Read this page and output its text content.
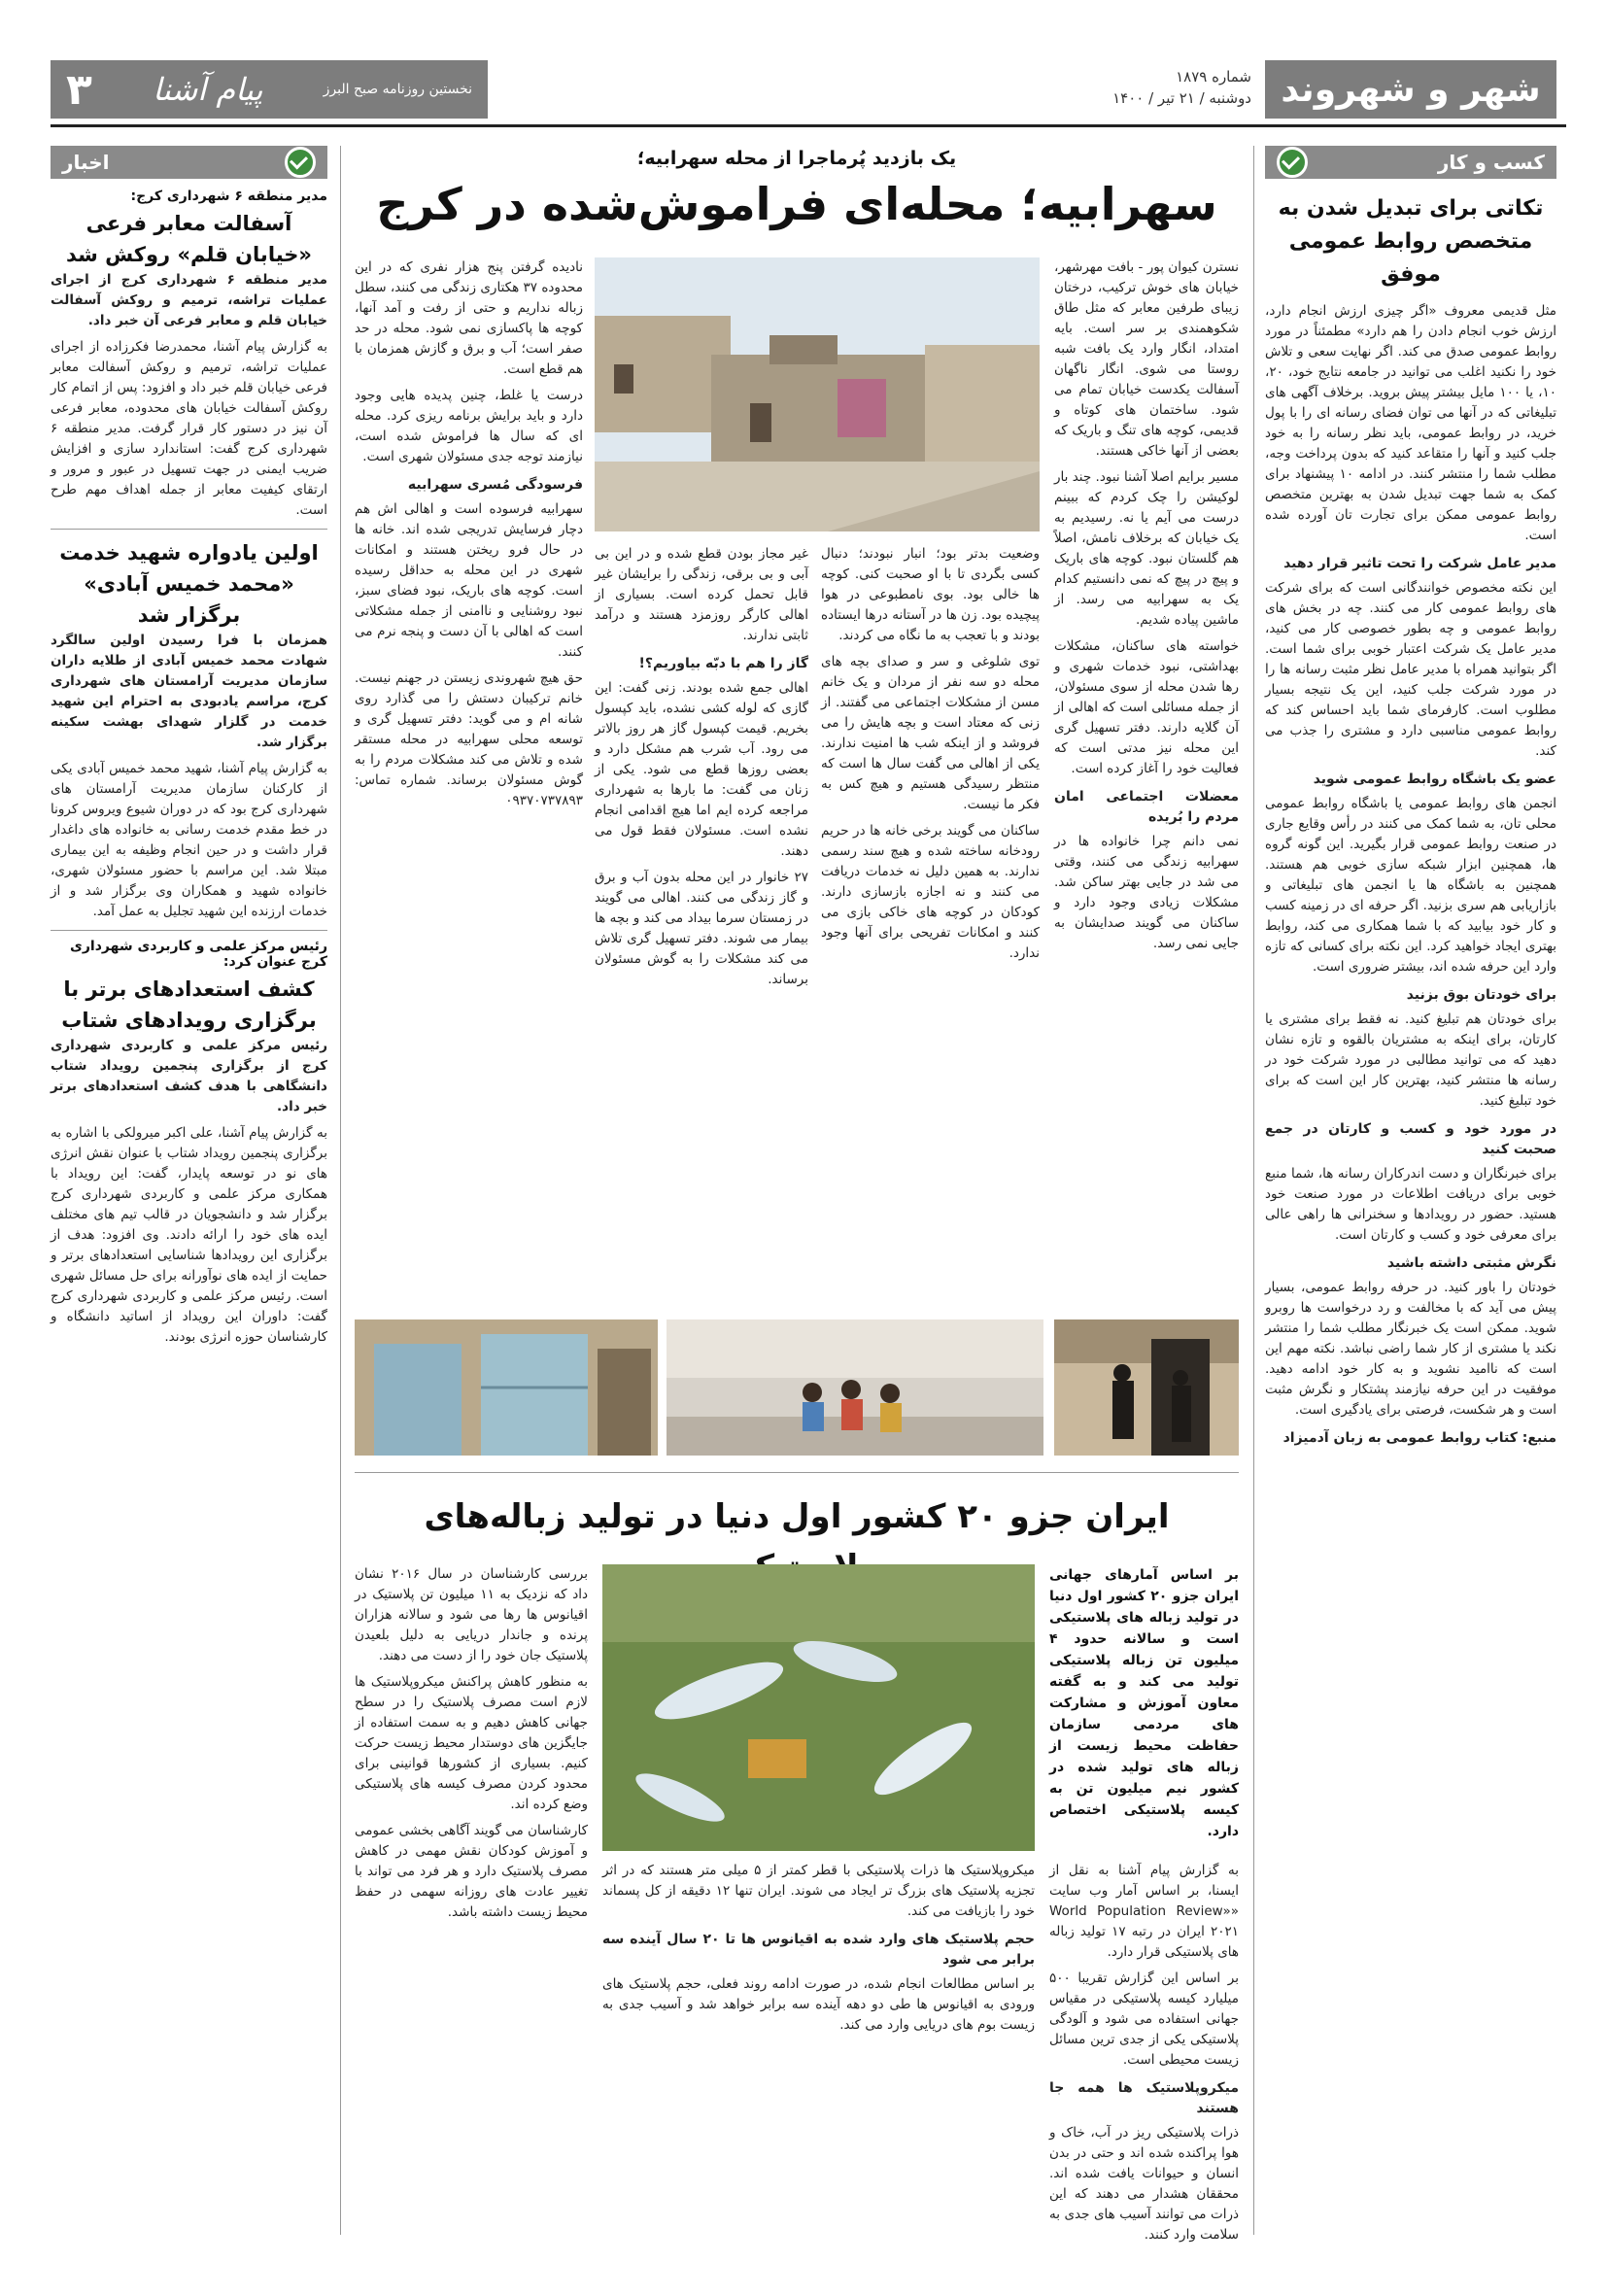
شهر و شهروند
شماره ۱۸۷۹
دوشنبه / ۲۱ تیر / ۱۴۰۰
نخستین روزنامه صبح البرز
پیام آشنا
۳
کسب و کار
تکاتی برای تبدیل شدن به متخصص روابط عمومی موفق

مثل قدیمی معروف «اگر چیزی ارزش انجام دارد، ارزش خوب انجام دادن را هم دارد» مطمئناً در مورد روابط عمومی صدق می کند. اگر نهایت سعی و تلاش خود را نکنید اغلب می توانید در جامعه نتایج خود، ۲۰، ۱۰، یا ۱۰۰ مایل بیشتر پیش بروید. برخلاف آگهی های تبلیغاتی که در آنها می توان فضای رسانه ای را با پول خرید، در روابط عمومی، باید نظر رسانه را به خود جلب کنید و آنها را متقاعد کنید که بدون پرداخت وجه، مطلب شما را منتشر کنند. در ادامه ۱۰ پیشنهاد برای کمک به شما جهت تبدیل شدن به بهترین متخصص روابط عمومی ممکن برای تجارت تان آورده شده است.

مدیر عامل شرکت را تحت تاثیر قرار دهید

این نکته مخصوص خوانندگانی است که برای شرکت های روابط عمومی کار می کنند. چه در بخش های روابط عمومی و چه بطور خصوصی کار می کنید، مدیر عامل یک شرکت اعتبار خوبی برای شما است. اگر بتوانید همراه با مدیر عامل نظر مثبت رسانه ها را در مورد شرکت جلب کنید، این یک نتیجه بسیار مطلوب است. کارفرمای شما باید احساس کند که روابط عمومی مناسبی دارد و مشتری را جذب می کند.

عضو یک باشگاه روابط عمومی شوید

انجمن های روابط عمومی یا باشگاه روابط عمومی محلی تان، به شما کمک می کنند در رأس وقایع جاری در صنعت روابط عمومی قرار بگیرید. این گونه گروه ها، همچنین ابزار شبکه سازی خوبی هم هستند. همچنین به باشگاه ها یا انجمن های تبلیغاتی و بازاریابی هم سری بزنید. اگر حرفه ای در زمینه کسب و کار خود بیابید که با شما همکاری می کند، روابط بهتری ایجاد خواهید کرد. این نکته برای کسانی که تازه وارد این حرفه شده اند، بیشتر ضروری است.

برای خودتان بوق بزنید

برای خودتان هم تبلیغ کنید. نه فقط برای مشتری یا کارتان، برای اینکه به مشتریان بالقوه و تازه نشان دهید که می توانید مطالبی در مورد شرکت خود در رسانه ها منتشر کنید، بهترین کار این است که برای خود تبلیغ کنید.

در مورد خود و کسب و کارتان در جمع صحبت کنید

برای خبرنگاران و دست اندرکاران رسانه ها، شما منبع خوبی برای دریافت اطلاعات در مورد صنعت خود هستید. حضور در رویدادها و سخنرانی ها راهی عالی برای معرفی خود و کسب و کارتان است.

نگرش مثبتی داشته باشید

خودتان را باور کنید. در حرفه روابط عمومی، بسیار پیش می آید که با مخالفت و رد درخواست ها روبرو شوید. ممکن است یک خبرنگار مطلب شما را منتشر نکند یا مشتری از کار شما راضی نباشد. نکته مهم این است که ناامید نشوید و به کار خود ادامه دهید. موفقیت در این حرفه نیازمند پشتکار و نگرش مثبت است و هر شکست، فرصتی برای یادگیری است.

منبع: کتاب روابط عمومی به زبان آدمیزاد
یک بازدید پُرماجرا از محله سهرابیه؛
سهرابیه؛ محله‌ای فراموش‌شده در کرج

نسترن کیوان پور - بافت مهرشهر، خیابان های خوش ترکیب، درختان زیبای طرفین معابر که مثل طاق شکوهمندی بر سر است. بایه امتداد، انگار وارد یک بافت شبه روستا می شوی. انگار ناگهان آسفالت یکدست خیابان تمام می شود. ساختمان های کوتاه و قدیمی، کوچه های تنگ و باریک که بعضی از آنها خاکی هستند.

مسیر برایم اصلا آشنا نبود. چند بار لوکیشن را چک کردم که ببینم درست می آیم یا نه. رسیدیم به یک خیابان که برخلاف نامش، اصلاً هم گلستان نبود. کوچه های باریک و پیچ در پیچ که نمی دانستیم کدام یک به سهرابیه می رسد. از ماشین پیاده شدیم.

خواسته های ساکنان، مشکلات بهداشتی، نبود خدمات شهری و رها شدن محله از سوی مسئولان، از جمله مسائلی است که اهالی از آن گلایه دارند. دفتر تسهیل گری این محله نیز مدتی است که فعالیت خود را آغاز کرده است.

معضلات اجتماعی امان مردم را بُریده

نمی دانم چرا خانواده ها در سهرابیه زندگی می کنند، وقتی می شد در جایی بهتر ساکن شد. مشکلات زیادی وجود دارد و ساکنان می گویند صدایشان به جایی نمی رسد.

وضعیت بدتر بود؛ انبار نبودند؛ دنبال کسی بگردی تا با او صحبت کنی. کوچه ها خالی بود. بوی نامطبوعی در هوا پیچیده بود. زن ها در آستانه درها ایستاده بودند و با تعجب به ما نگاه می کردند.

توی شلوغی و سر و صدای بچه های محله دو سه نفر از مردان و یک خانم مسن از مشکلات اجتماعی می گفتند. از زنی که معتاد است و بچه هایش را می فروشد و از اینکه شب ها امنیت ندارند. یکی از اهالی می گفت سال ها است که منتظر رسیدگی هستیم و هیچ کس به فکر ما نیست.

ساکنان می گویند برخی خانه ها در حریم رودخانه ساخته شده و هیچ سند رسمی ندارند. به همین دلیل نه خدمات دریافت می کنند و نه اجازه بازسازی دارند. کودکان در کوچه های خاکی بازی می کنند و امکانات تفریحی برای آنها وجود ندارد.

غیر مجاز بودن قطع شده و در این بی آبی و بی برقی، زندگی را برایشان غیر قابل تحمل کرده است. بسیاری از اهالی کارگر روزمزد هستند و درآمد ثابتی ندارند.

گاز را هم با دبّه بیاوریم؟!

اهالی جمع شده بودند. زنی گفت: این گازی که لوله کشی نشده، باید کپسول بخریم. قیمت کپسول گاز هر روز بالاتر می رود. آب شرب هم مشکل دارد و بعضی روزها قطع می شود. یکی از زنان می گفت: ما بارها به شهرداری مراجعه کرده ایم اما هیچ اقدامی انجام نشده است. مسئولان فقط قول می دهند.

۲۷ خانوار در این محله بدون آب و برق و گاز زندگی می کنند. اهالی می گویند در زمستان سرما بیداد می کند و بچه ها بیمار می شوند. دفتر تسهیل گری تلاش می کند مشکلات را به گوش مسئولان برساند.

نادیده گرفتن پنج هزار نفری که در این محدوده ۳۷ هکتاری زندگی می کنند، سطل زباله نداریم و حتی از رفت و آمد آنها، کوچه ها پاکسازی نمی شود. محله در حد صفر است؛ آب و برق و گازش همزمان با هم قطع است.

درست یا غلط، چنین پدیده هایی وجود دارد و باید برایش برنامه ریزی کرد. محله ای که سال ها فراموش شده است، نیازمند توجه جدی مسئولان شهری است.

فرسودگی مُسری سهرابیه

سهرابیه فرسوده است و اهالی اش هم دچار فرسایش تدریجی شده اند. خانه ها در حال فرو ریختن هستند و امکانات شهری در این محله به حداقل رسیده است. کوچه های باریک، نبود فضای سبز، نبود روشنایی و ناامنی از جمله مشکلاتی است که اهالی با آن دست و پنجه نرم می کنند.

حق هیچ شهروندی زیستن در جهنم نیست. خانم ترکیبان دستش را می گذارد روی شانه ام و می گوید: دفتر تسهیل گری و توسعه محلی سهرابیه در محله مستقر شده و تلاش می کند مشکلات مردم را به گوش مسئولان برساند. شماره تماس: ۰۹۳۷۰۷۳۷۸۹۳

ایران جزو ۲۰ کشور اول دنیا در تولید زباله‌های
بر اساس آمارهای جهانی ایران جزو ۲۰ کشور اول دنیا در تولید زباله های پلاستیکی است و سالانه حدود ۴ میلیون تن زباله پلاستیکی تولید می کند و به گفته معاون آموزش و مشارکت های مردمی سازمان حفاظت محیط زیست از زباله های تولید شده در کشور نیم میلیون تن به کیسه پلاستیکی اختصاص دارد.

به گزارش پیام آشنا به نقل از ایسنا، بر اساس آمار وب سایت «World Population Review» ۲۰۲۱ ایران در رتبه ۱۷ تولید زباله های پلاستیکی قرار دارد.

بر اساس این گزارش تقریبا ۵۰۰ میلیارد کیسه پلاستیکی در مقیاس جهانی استفاده می شود و آلودگی پلاستیکی یکی از جدی ترین مسائل زیست محیطی است.

میکروپلاستیک ها همه جا هستند

ذرات پلاستیکی ریز در آب، خاک و هوا پراکنده شده اند و حتی در بدن انسان و حیوانات یافت شده اند. محققان هشدار می دهند که این ذرات می توانند آسیب های جدی به سلامت وارد کنند.

میکروپلاستیک ها ذرات پلاستیکی با قطر کمتر از ۵ میلی متر هستند که در اثر تجزیه پلاستیک های بزرگ تر ایجاد می شوند. ایران تنها ۱۲ دقیقه از کل پسماند خود را بازیافت می کند.

حجم پلاستیک های وارد شده به اقیانوس ها تا ۲۰ سال آینده سه برابر می شود

بر اساس مطالعات انجام شده، در صورت ادامه روند فعلی، حجم پلاستیک های ورودی به اقیانوس ها طی دو دهه آینده سه برابر خواهد شد و آسیب جدی به زیست بوم های دریایی وارد می کند.

بررسی کارشناسان در سال ۲۰۱۶ نشان داد که نزدیک به ۱۱ میلیون تن پلاستیک در اقیانوس ها رها می شود و سالانه هزاران پرنده و جاندار دریایی به دلیل بلعیدن پلاستیک جان خود را از دست می دهند.

به منظور کاهش پراکنش میکروپلاستیک ها لازم است مصرف پلاستیک را در سطح جهانی کاهش دهیم و به سمت استفاده از جایگزین های دوستدار محیط زیست حرکت کنیم. بسیاری از کشورها قوانینی برای محدود کردن مصرف کیسه های پلاستیکی وضع کرده اند.

کارشناسان می گویند آگاهی بخشی عمومی و آموزش کودکان نقش مهمی در کاهش مصرف پلاستیک دارد و هر فرد می تواند با تغییر عادت های روزانه سهمی در حفظ محیط زیست داشته باشد.

اخبار
مدیر منطقه ۶ شهرداری کرج:
آسفالت معابر فرعی «خیابان قلم» روکش شد

مدیر منطقه ۶ شهرداری کرج از اجرای عملیات تراشه، ترمیم و روکش آسفالت خیابان قلم و معابر فرعی آن خبر داد.

به گزارش پیام آشنا، محمدرضا فکرزاده از اجرای عملیات تراشه، ترمیم و روکش آسفالت معابر فرعی خیابان قلم خبر داد و افزود: پس از اتمام کار روکش آسفالت خیابان های محدوده، معابر فرعی آن نیز در دستور کار قرار گرفت. مدیر منطقه ۶ شهرداری کرج گفت: استاندارد سازی و افزایش ضریب ایمنی در جهت تسهیل در عبور و مرور و ارتقای کیفیت معابر از جمله اهداف مهم طرح است.

اولین یادواره شهید خدمت «محمد خمیس آبادی» برگزار شد

همزمان با فرا رسیدن اولین سالگرد شهادت محمد خمیس آبادی از طلایه داران سازمان مدیریت آرامستان های شهرداری کرج، مراسم یادبودی به احترام این شهید خدمت در گلزار شهدای بهشت سکینه برگزار شد.

به گزارش پیام آشنا، شهید محمد خمیس آبادی یکی از کارکنان سازمان مدیریت آرامستان های شهرداری کرج بود که در دوران شیوع ویروس کرونا در خط مقدم خدمت رسانی به خانواده های داغدار قرار داشت و در حین انجام وظیفه به این بیماری مبتلا شد. این مراسم با حضور مسئولان شهری، خانواده شهید و همکاران وی برگزار شد و از خدمات ارزنده این شهید تجلیل به عمل آمد.

رئیس مرکز علمی و کاربردی شهرداری کرج عنوان کرد:
کشف استعدادهای برتر با برگزاری رویدادهای شتاب

رئیس مرکز علمی و کاربردی شهرداری کرج از برگزاری پنجمین رویداد شتاب دانشگاهی با هدف کشف استعدادهای برتر خبر داد.

به گزارش پیام آشنا، علی اکبر میرولکی با اشاره به برگزاری پنجمین رویداد شتاب با عنوان نقش انرژی های نو در توسعه پایدار، گفت: این رویداد با همکاری مرکز علمی و کاربردی شهرداری کرج برگزار شد و دانشجویان در قالب تیم های مختلف ایده های خود را ارائه دادند. وی افزود: هدف از برگزاری این رویدادها شناسایی استعدادهای برتر و حمایت از ایده های نوآورانه برای حل مسائل شهری است. رئیس مرکز علمی و کاربردی شهرداری کرج گفت: داوران این رویداد از اساتید دانشگاه و کارشناسان حوزه انرژی بودند.
